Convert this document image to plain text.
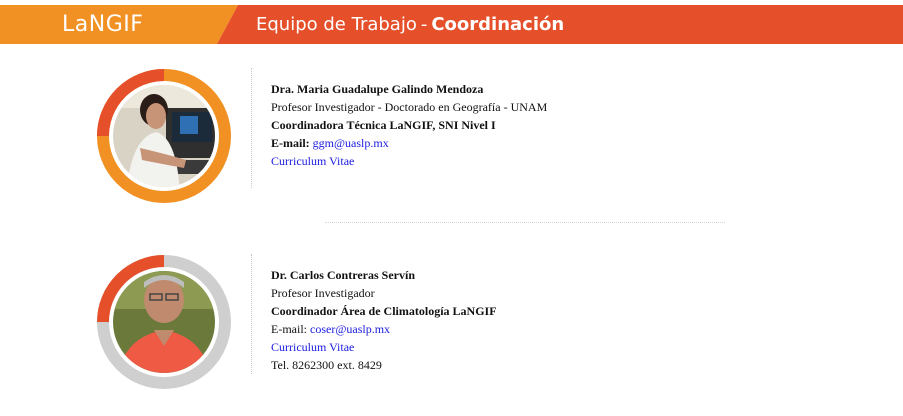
LaNGIF	Equipo de Trabajo - Coordinación
Dra. Maria Guadalupe Galindo Mendoza
Profesor Investigador - Doctorado en Geografía - UNAM
Coordinadora Técnica LaNGIF, SNI Nivel I
E-mail: ggm@uaslp.mx
Curriculum Vitae
Dr. Carlos Contreras Servín
Profesor Investigador
Coordinador Área de Climatología LaNGIF
E-mail: coser@uaslp.mx
Curriculum Vitae
Tel. 8262300 ext. 8429
